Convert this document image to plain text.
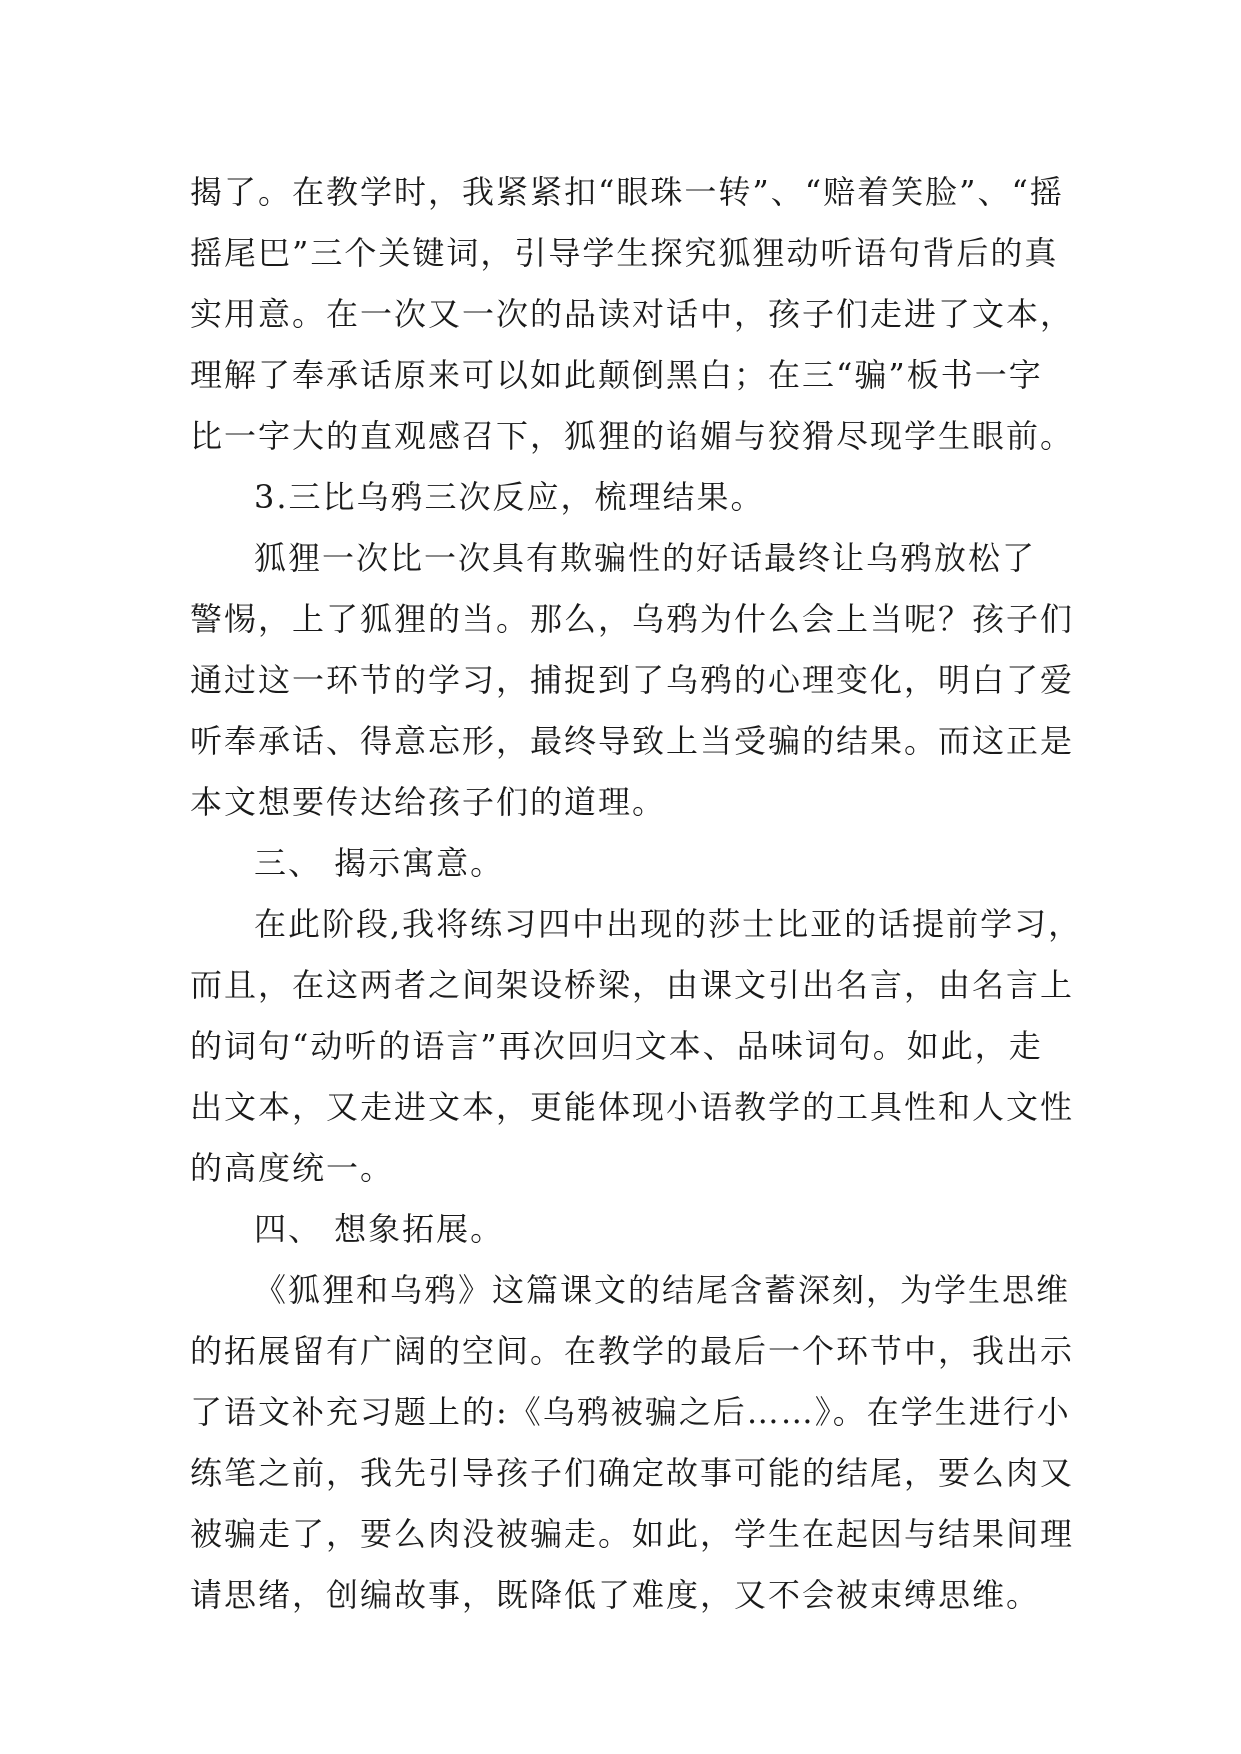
揭了。在教学时，我紧紧扣“眼珠一转”、“赔着笑脸”、“摇
摇尾巴”三个关键词，引导学生探究狐狸动听语句背后的真
实用意。在一次又一次的品读对话中，孩子们走进了文本，
理解了奉承话原来可以如此颠倒黑白；在三“骗”板书一字
比一字大的直观感召下，狐狸的谄媚与狡猾尽现学生眼前。
3.三比乌鸦三次反应，梳理结果。
狐狸一次比一次具有欺骗性的好话最终让乌鸦放松了
警惕，上了狐狸的当。那么，乌鸦为什么会上当呢？孩子们
通过这一环节的学习，捕捉到了乌鸦的心理变化，明白了爱
听奉承话、得意忘形，最终导致上当受骗的结果。而这正是
本文想要传达给孩子们的道理。
三、 揭示寓意。
在此阶段,我将练习四中出现的莎士比亚的话提前学习，
而且，在这两者之间架设桥梁，由课文引出名言，由名言上
的词句“动听的语言”再次回归文本、品味词句。如此，走
出文本，又走进文本，更能体现小语教学的工具性和人文性
的高度统一。
四、 想象拓展。
《狐狸和乌鸦》这篇课文的结尾含蓄深刻，为学生思维
的拓展留有广阔的空间。在教学的最后一个环节中，我出示
了语文补充习题上的:《乌鸦被骗之后……》。在学生进行小
练笔之前，我先引导孩子们确定故事可能的结尾，要么肉又
被骗走了，要么肉没被骗走。如此，学生在起因与结果间理
请思绪，创编故事，既降低了难度，又不会被束缚思维。
